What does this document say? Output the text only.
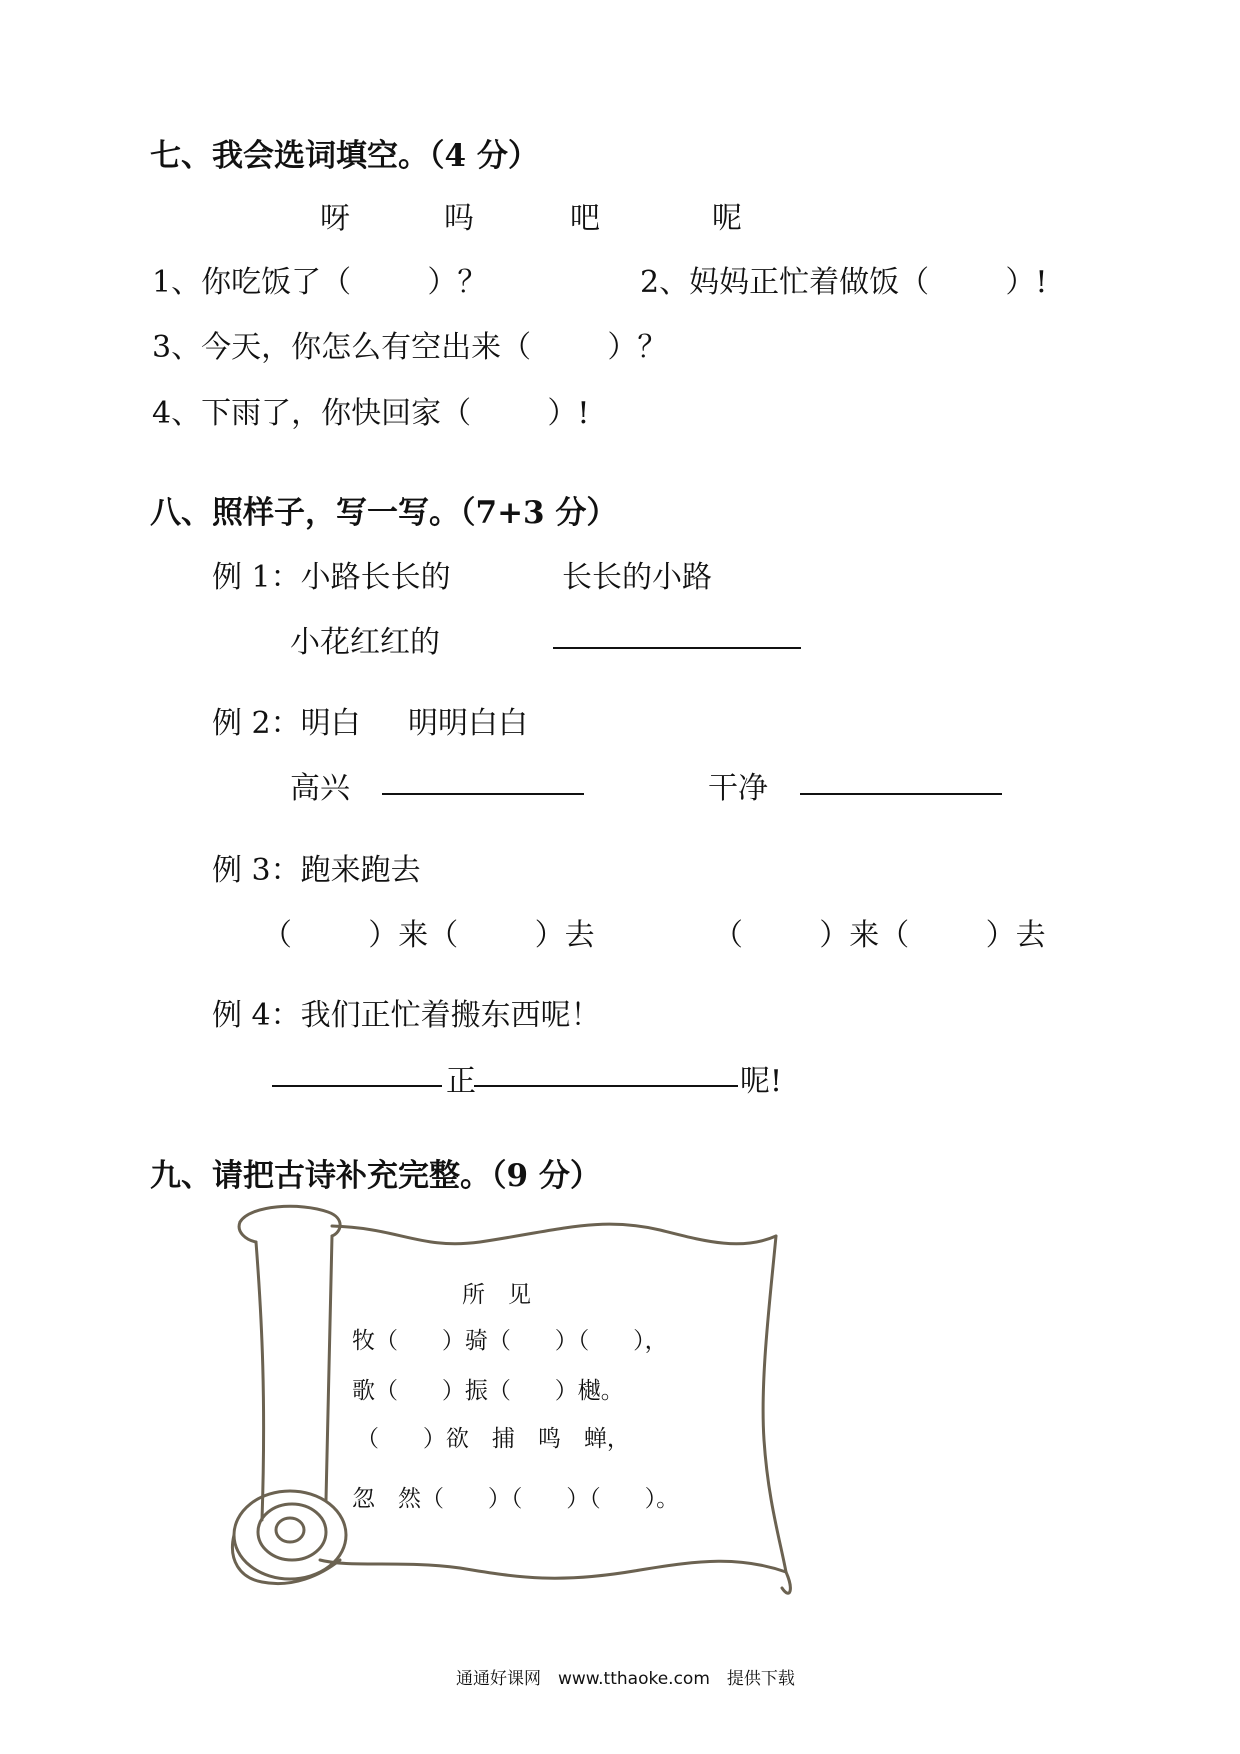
七、我会选词填空。（4 分）
呀	吗	吧	呢
1、你吃饭了（        ）？	2、妈妈正忙着做饭（        ）!
3、今天，你怎么有空出来（        ）？
4、下雨了，你快回家（        ）!
八、照样子，写一写。（7+3 分）
例 1：小路长长的	长长的小路
小花红红的
例 2：明白 明明白白
高兴	干净
例 3：跑来跑去
（        ）来（        ）去	（        ）来（        ）去
例 4：我们正忙着搬东西呢！
正	呢!
九、请把古诗补充完整。（9 分）
所　见
牧（      ）骑（      ）（      ），
歌（      ）振（      ）樾。
（      ）欲　捕　鸣　蝉，
忽　然（      ）（      ）（      ）。
通通好课网　www.tthaoke.com　提供下载
